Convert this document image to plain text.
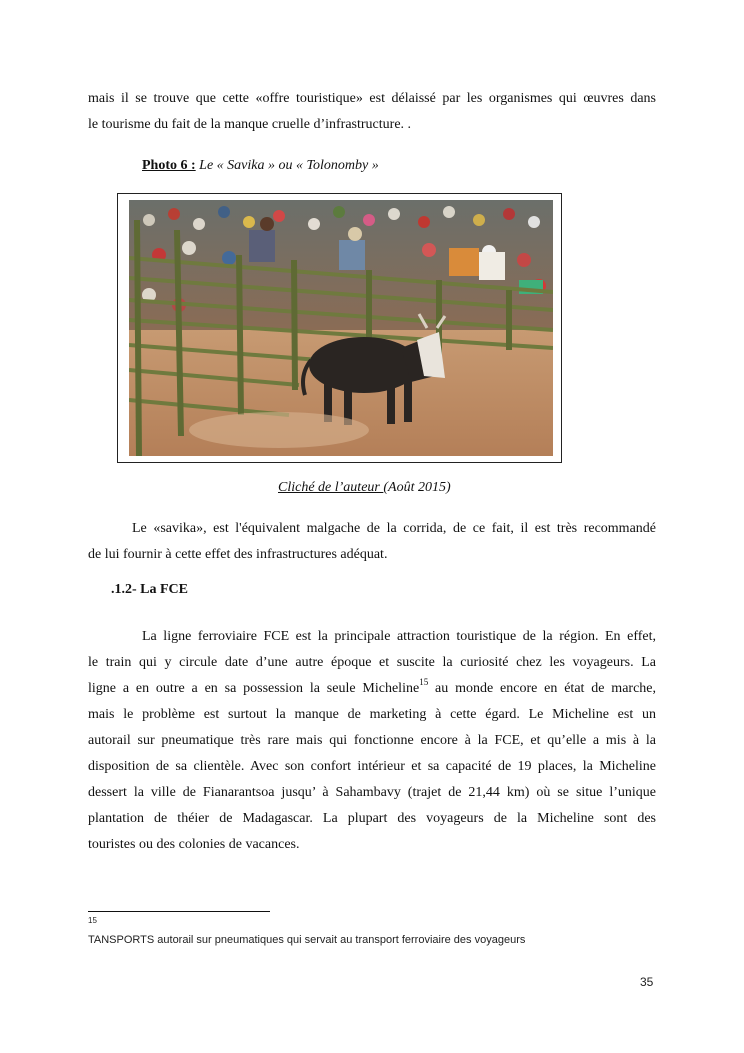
mais il se trouve que cette «offre touristique» est délaissé par les organismes qui œuvres dans
le tourisme du fait de la manque cruelle d’infrastructure. .
Photo 6 : Le « Savika » ou « Tolonomby »
Cliché de l’auteur (Août 2015)
Le «savika», est l'équivalent malgache de la corrida, de ce fait, il est très recommandé
de lui fournir à cette effet des infrastructures adéquat.
.1.2- La FCE
La ligne ferroviaire FCE est la principale attraction touristique de la région. En effet,
le train qui y circule date d’une autre époque et suscite la curiosité chez les voyageurs. La
ligne a en outre a en sa possession la seule Micheline$^{15}$ au monde encore en état de marche,
mais le problème est surtout la manque de marketing à cette égard. Le Micheline est un
autorail sur pneumatique très rare mais qui fonctionne encore à la FCE, et qu’elle a mis à la
disposition de sa clientèle. Avec son confort intérieur et sa capacité de 19 places, la Micheline
dessert la ville de Fianarantsoa jusqu’ à Sahambavy (trajet de 21,44 km) où se situe l’unique
plantation de théier de Madagascar. La plupart des voyageurs de la Micheline sont des
touristes ou des colonies de vacances.
15
TANSPORTS autorail sur pneumatiques qui servait au transport ferroviaire des voyageurs
35
